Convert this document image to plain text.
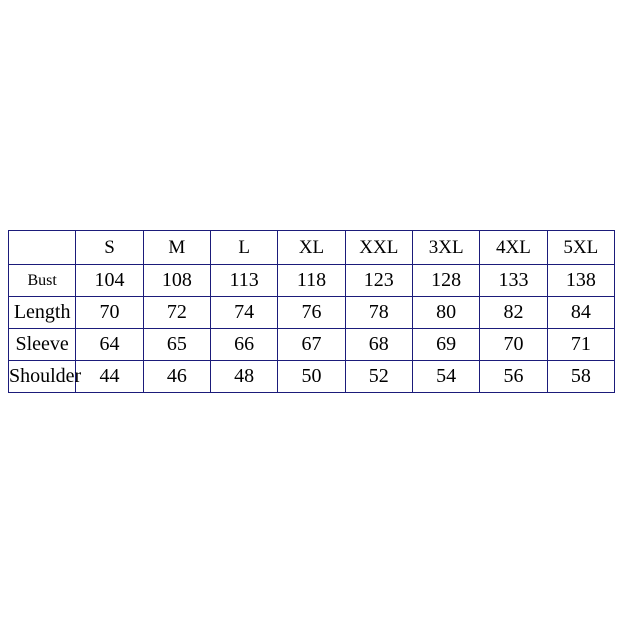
	S	M	L	XL	XXL	3XL	4XL	5XL
Bust	104	108	113	118	123	128	133	138
Length	70	72	74	76	78	80	82	84
Sleeve	64	65	66	67	68	69	70	71
Shoulder	44	46	48	50	52	54	56	58
